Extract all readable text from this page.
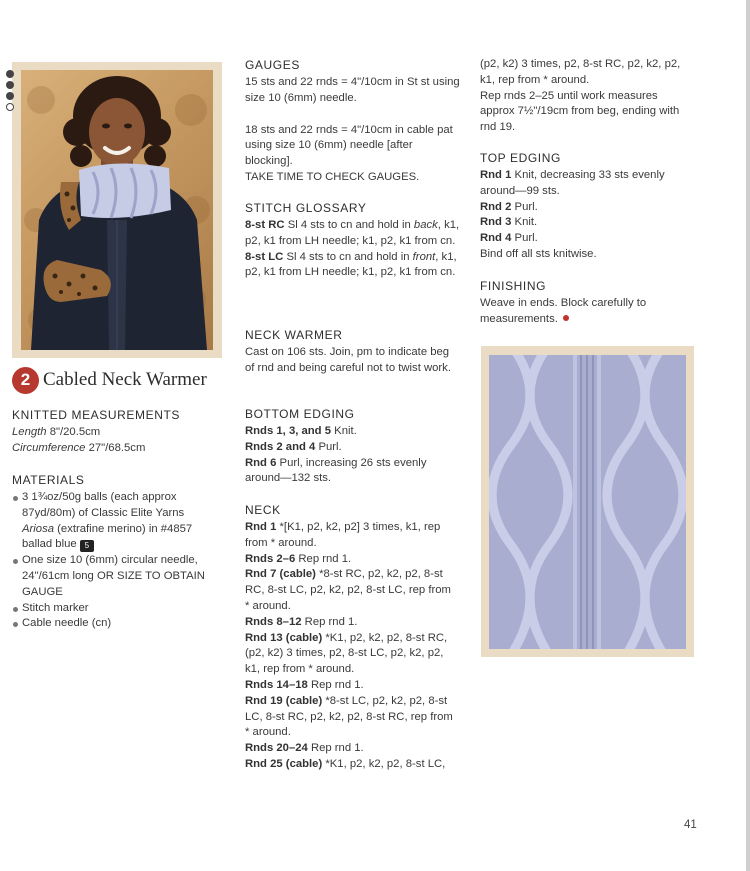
2 Cabled Neck Warmer
KNITTED MEASUREMENTS
Length 8"/20.5cm
Circumference 27"/68.5cm
MATERIALS
3 1¾oz/50g balls (each approx 87yd/80m) of Classic Elite Yarns Ariosa (extrafine merino) in #4857 ballad blue 5
One size 10 (6mm) circular needle, 24"/61cm long OR SIZE TO OBTAIN GAUGE
Stitch marker
Cable needle (cn)
GAUGES
15 sts and 22 rnds = 4"/10cm in St st using size 10 (6mm) needle.
18 sts and 22 rnds = 4"/10cm in cable pat using size 10 (6mm) needle [after blocking].
TAKE TIME TO CHECK GAUGES.
STITCH GLOSSARY
8-st RC Sl 4 sts to cn and hold in back, k1, p2, k1 from LH needle; k1, p2, k1 from cn.
8-st LC Sl 4 sts to cn and hold in front, k1, p2, k1 from LH needle; k1, p2, k1 from cn.
NECK WARMER
Cast on 106 sts. Join, pm to indicate beg of rnd and being careful not to twist work.
BOTTOM EDGING
Rnds 1, 3, and 5 Knit.
Rnds 2 and 4 Purl.
Rnd 6 Purl, increasing 26 sts evenly around—132 sts.
NECK
Rnd 1 *[K1, p2, k2, p2] 3 times, k1, rep from * around.
Rnds 2–6 Rep rnd 1.
Rnd 7 (cable) *8-st RC, p2, k2, p2, 8-st RC, 8-st LC, p2, k2, p2, 8-st LC, rep from * around.
Rnds 8–12 Rep rnd 1.
Rnd 13 (cable) *K1, p2, k2, p2, 8-st RC, (p2, k2) 3 times, p2, 8-st LC, p2, k2, p2, k1, rep from * around.
Rnds 14–18 Rep rnd 1.
Rnd 19 (cable) *8-st LC, p2, k2, p2, 8-st LC, 8-st RC, p2, k2, p2, 8-st RC, rep from * around.
Rnds 20–24 Rep rnd 1.
Rnd 25 (cable) *K1, p2, k2, p2, 8-st LC,
(p2, k2) 3 times, p2, 8-st RC, p2, k2, p2, k1, rep from * around.
Rep rnds 2–25 until work measures approx 7½"/19cm from beg, ending with rnd 19.
TOP EDGING
Rnd 1 Knit, decreasing 33 sts evenly around—99 sts.
Rnd 2 Purl.
Rnd 3 Knit.
Rnd 4 Purl.
Bind off all sts knitwise.
FINISHING
Weave in ends. Block carefully to measurements.
41
